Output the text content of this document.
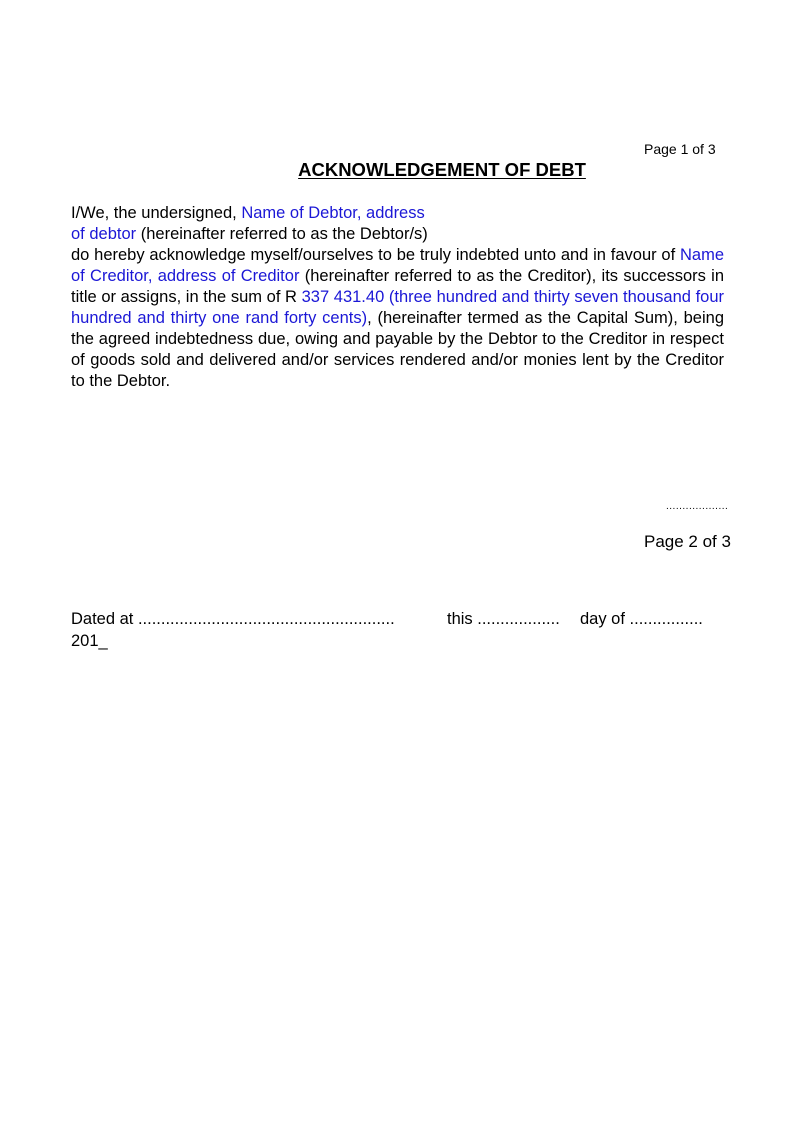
Page 1 of 3
ACKNOWLEDGEMENT OF DEBT
I/We, the undersigned, Name of Debtor, address
of debtor (hereinafter referred to as the Debtor/s)

do hereby acknowledge myself/ourselves to be truly indebted unto and in favour of Name of Creditor, address of Creditor (hereinafter referred to as the Creditor), its successors in title or assigns, in the sum of R 337 431.40 (three hundred and thirty seven thousand four hundred and thirty one rand forty cents), (hereinafter termed as the Capital Sum), being the agreed indebtedness due, owing and payable by the Debtor to the Creditor in respect of goods sold and delivered and/or services rendered and/or monies lent by the Creditor to the Debtor.

...................
Page 2 of 3
Dated at ........................................................	this .................. day of ................
201_
